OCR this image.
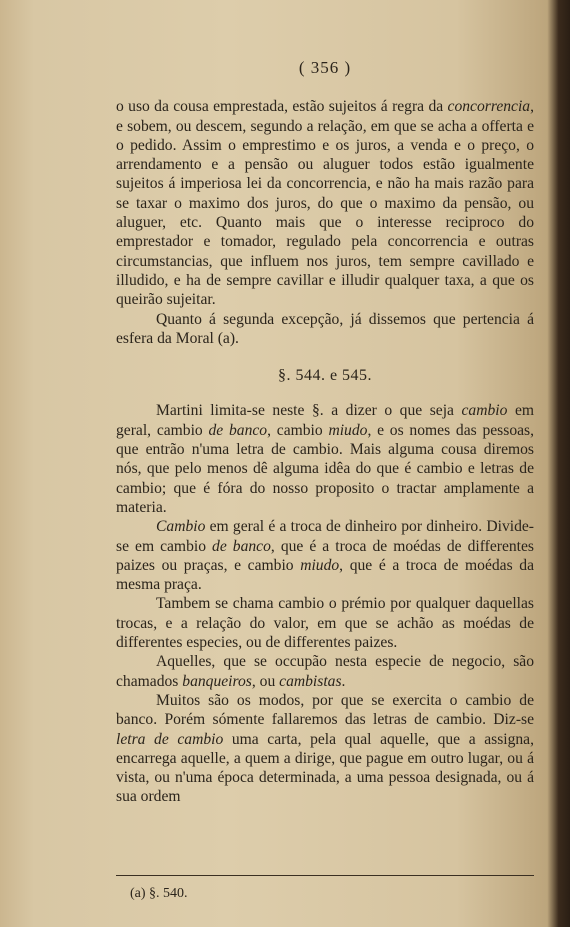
( 356 )

o uso da cousa emprestada, estão sujeitos á regra da concorrencia, e sobem, ou descem, segundo a relação, em que se acha a offerta e o pedido. Assim o emprestimo e os juros, a venda e o preço, o arrendamento e a pensão ou aluguer todos estão igualmente sujeitos á imperiosa lei da concorrencia, e não ha mais razão para se taxar o maximo dos juros, do que o maximo da pensão, ou aluguer, etc. Quanto mais que o interesse reciproco do emprestador e tomador, regulado pela concorrencia e outras circumstancias, que influem nos juros, tem sempre cavillado e illudido, e ha de sempre cavillar e illudir qualquer taxa, a que os queirão sujeitar.

Quanto á segunda excepção, já dissemos que pertencia á esfera da Moral (a).

§. 544. e 545.

Martini limita-se neste §. a dizer o que seja cambio em geral, cambio de banco, cambio miudo, e os nomes das pessoas, que entrão n'uma letra de cambio. Mais alguma cousa diremos nós, que pelo menos dê alguma idêa do que é cambio e letras de cambio; que é fóra do nosso proposito o tractar amplamente a materia.

Cambio em geral é a troca de dinheiro por dinheiro. Divide-se em cambio de banco, que é a troca de moédas de differentes paizes ou praças, e cambio miudo, que é a troca de moédas da mesma praça.

Tambem se chama cambio o prémio por qualquer daquellas trocas, e a relação do valor, em que se achão as moédas de differentes especies, ou de differentes paizes.

Aquelles, que se occupão nesta especie de negocio, são chamados banqueiros, ou cambistas.

Muitos são os modos, por que se exercita o cambio de banco. Porém sómente fallaremos das letras de cambio. Diz-se letra de cambio uma carta, pela qual aquelle, que a assigna, encarrega aquelle, a quem a dirige, que pague em outro lugar, ou á vista, ou n'uma época determinada, a uma pessoa designada, ou á sua ordem

(a) §. 540.
